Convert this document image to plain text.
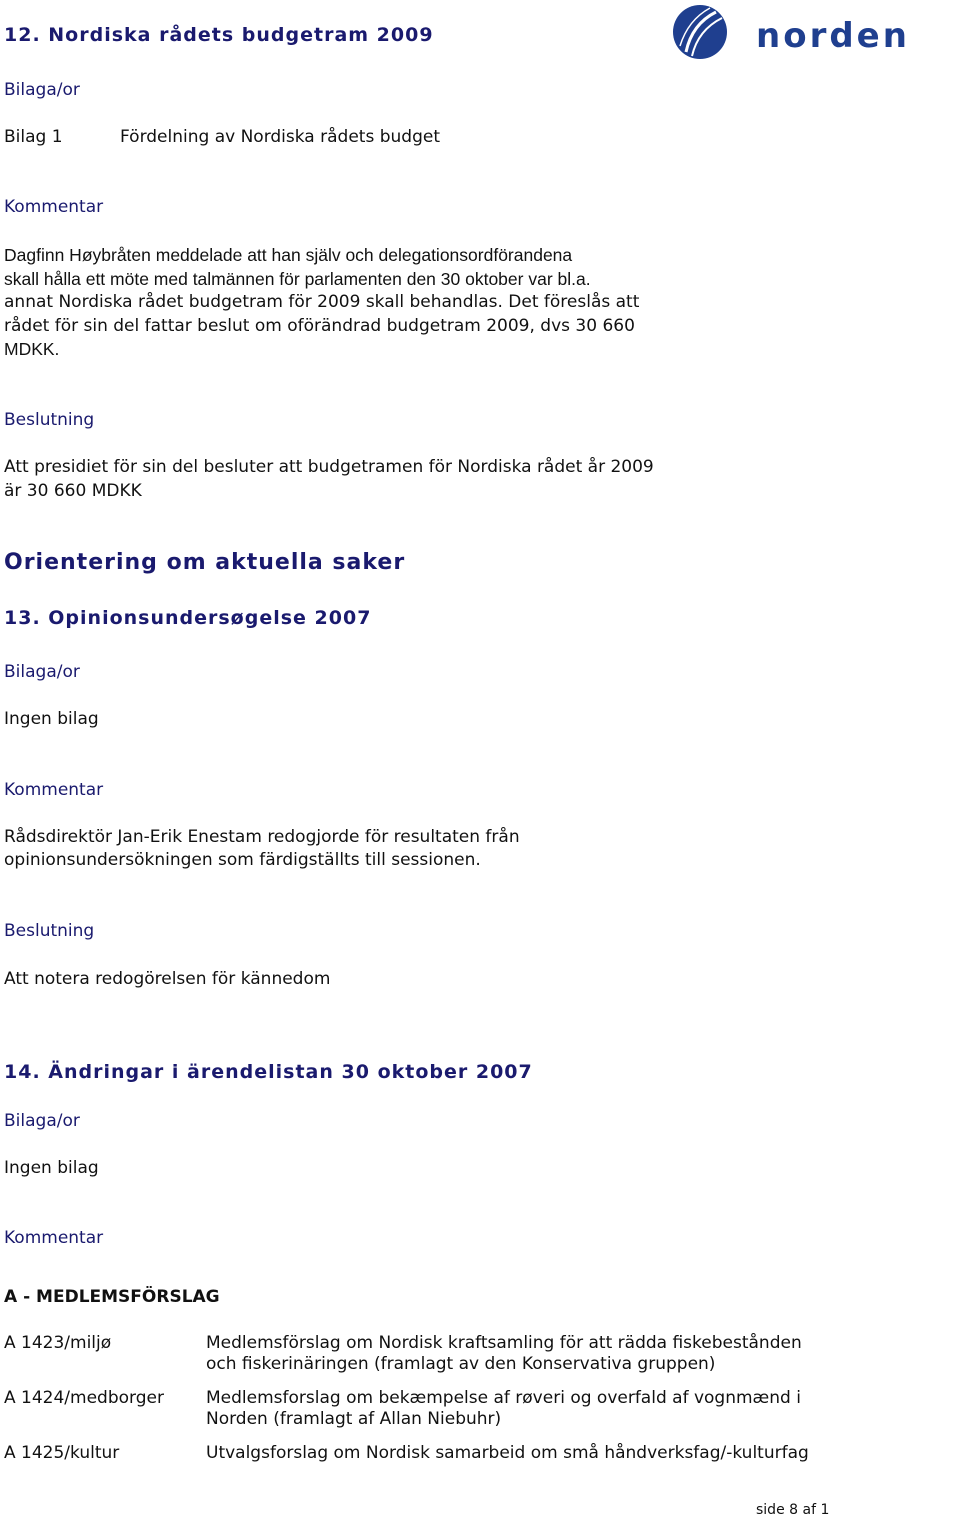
12. Nordiska rådets budgetram 2009	norden
Bilaga/or
Bilag 1	Fördelning av Nordiska rådets budget
Kommentar
Dagfinn Høybråten meddelade att han själv och delegationsordförandena
skall hålla ett möte med talmännen för parlamenten den 30 oktober var bl.a.
annat Nordiska rådet budgetram för 2009 skall behandlas. Det föreslås att
rådet för sin del fattar beslut om oförändrad budgetram 2009, dvs 30 660
MDKK.
Beslutning
Att presidiet för sin del besluter att budgetramen för Nordiska rådet år 2009
är 30 660 MDKK
Orientering om aktuella saker
13. Opinionsundersøgelse 2007
Bilaga/or
Ingen bilag
Kommentar
Rådsdirektör Jan-Erik Enestam redogjorde för resultaten från
opinionsundersökningen som färdigställts till sessionen.
Beslutning
Att notera redogörelsen för kännedom
14. Ändringar i ärendelistan 30 oktober 2007
Bilaga/or
Ingen bilag
Kommentar
A - MEDLEMSFÖRSLAG
A 1423/miljø	Medlemsförslag om Nordisk kraftsamling för att rädda fiskebestånden
och fiskerinäringen (framlagt av den Konservativa gruppen)
A 1424/medborger Medlemsforslag om bekæmpelse af røveri og overfald af vognmænd i
Norden (framlagt af Allan Niebuhr)
A 1425/kultur	Utvalgsforslag om Nordisk samarbeid om små håndverksfag/-kulturfag
side 8 af 1
